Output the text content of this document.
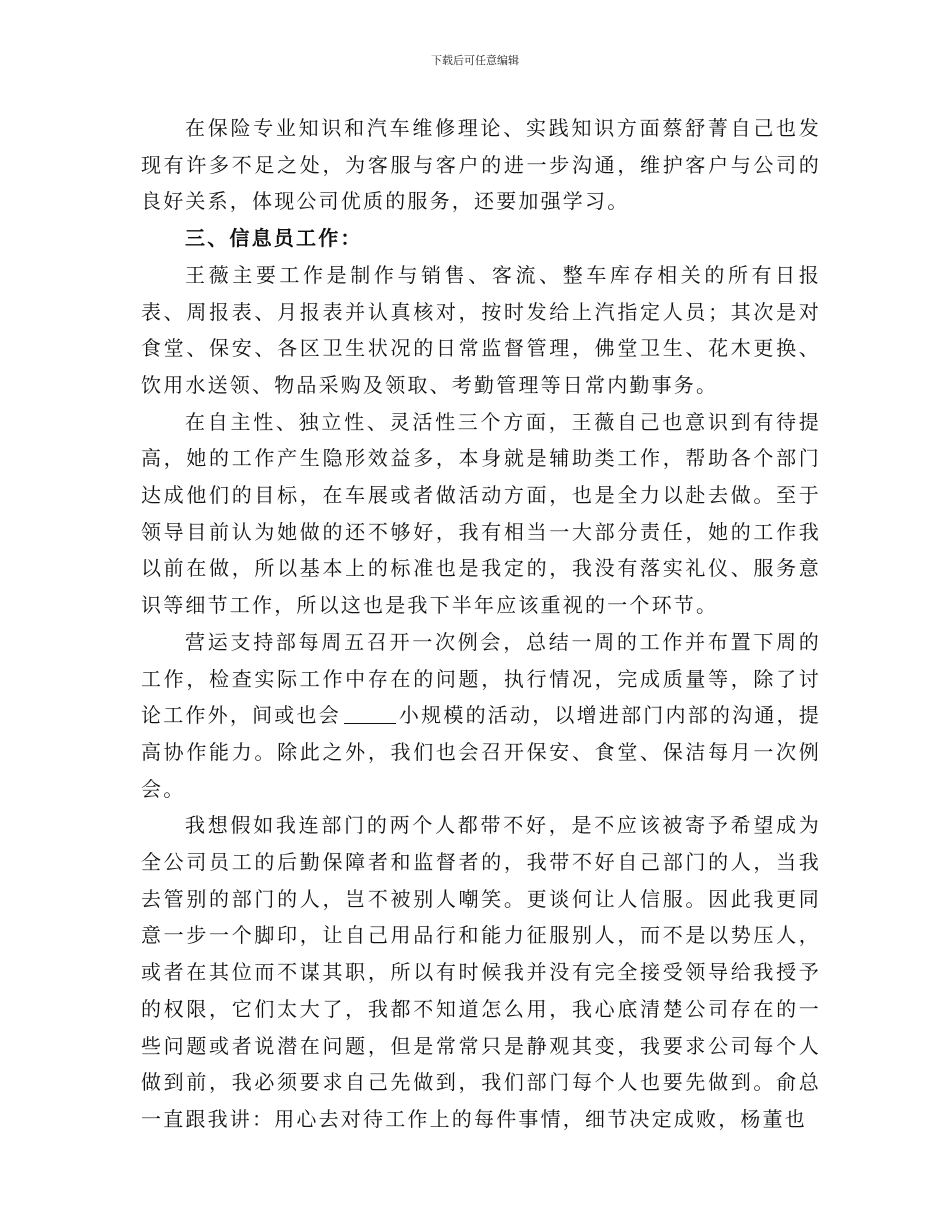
下载后可任意编辑

在保险专业知识和汽车维修理论、实践知识方面蔡舒菁自己也发现有许多不足之处，为客服与客户的进一步沟通，维护客户与公司的良好关系，体现公司优质的服务，还要加强学习。

三、信息员工作：

王薇主要工作是制作与销售、客流、整车库存相关的所有日报表、周报表、月报表并认真核对，按时发给上汽指定人员；其次是对食堂、保安、各区卫生状况的日常监督管理，佛堂卫生、花木更换、饮用水送领、物品采购及领取、考勤管理等日常内勤事务。

在自主性、独立性、灵活性三个方面，王薇自己也意识到有待提高，她的工作产生隐形效益多，本身就是辅助类工作，帮助各个部门达成他们的目标，在车展或者做活动方面，也是全力以赴去做。至于领导目前认为她做的还不够好，我有相当一大部分责任，她的工作我以前在做，所以基本上的标准也是我定的，我没有落实礼仪、服务意识等细节工作，所以这也是我下半年应该重视的一个环节。

营运支持部每周五召开一次例会，总结一周的工作并布置下周的工作，检查实际工作中存在的问题，执行情况，完成质量等，除了讨论工作外，间或也会	小规模的活动，以增进部门内部的沟通，提高协作能力。除此之外，我们也会召开保安、食堂、保洁每月一次例会。

我想假如我连部门的两个人都带不好，是不应该被寄予希望成为全公司员工的后勤保障者和监督者的，我带不好自己部门的人，当我去管别的部门的人，岂不被别人嘲笑。更谈何让人信服。因此我更同意一步一个脚印，让自己用品行和能力征服别人，而不是以势压人，或者在其位而不谋其职，所以有时候我并没有完全接受领导给我授予的权限，它们太大了，我都不知道怎么用，我心底清楚公司存在的一些问题或者说潜在问题，但是常常只是静观其变，我要求公司每个人做到前，我必须要求自己先做到，我们部门每个人也要先做到。俞总一直跟我讲：用心去对待工作上的每件事情，细节决定成败，杨董也
